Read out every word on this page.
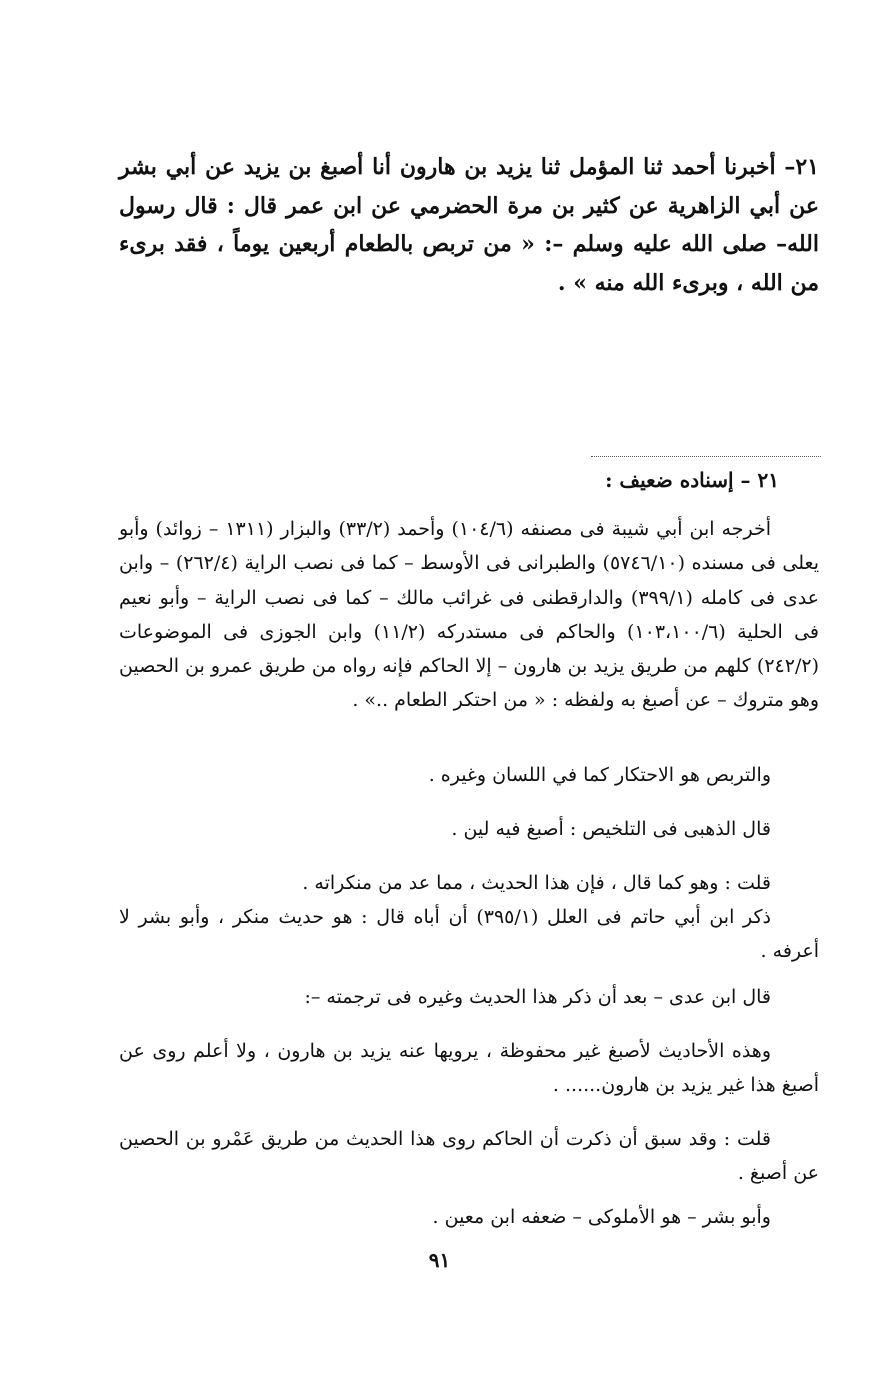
٢١– أخبرنا أحمد ثنا المؤمل ثنا يزيد بن هارون أنا أصبغ بن يزيد عن أبي بشر عن أبي الزاهرية عن كثير بن مرة الحضرمي عن ابن عمر قال : قال رسول الله– صلى الله عليه وسلم –: « من تربص بالطعام أربعين يوماً ، فقد برىء من الله ، وبرىء الله منه » .

٢١ – إسناده ضعيف :

أخرجه ابن أبي شيبة فى مصنفه (١٠٤/٦) وأحمد (٣٣/٢) والبزار (١٣١١ – زوائد) وأبو يعلى فى مسنده (٥٧٤٦/١٠) والطبرانى فى الأوسط – كما فى نصب الراية (٢٦٢/٤) – وابن عدى فى كامله (٣٩٩/١) والدارقطنى فى غرائب مالك – كما فى نصب الراية – وأبو نعيم فى الحلية (١٠٣،١٠٠/٦) والحاكم فى مستدركه (١١/٢) وابن الجوزى فى الموضوعات (٢٤٢/٢) كلهم من طريق يزيد بن هارون – إلا الحاكم فإنه رواه من طريق عمرو بن الحصين وهو متروك – عن أصبغ به ولفظه : « من احتكر الطعام ..» .

والتربص هو الاحتكار كما في اللسان وغيره .

قال الذهبى فى التلخيص : أصبغ فيه لين .

قلت : وهو كما قال ، فإن هذا الحديث ، مما عد من منكراته .

ذكر ابن أبي حاتم فى العلل (٣٩٥/١) أن أباه قال : هو حديث منكر ، وأبو بشر لا أعرفه .

قال ابن عدى – بعد أن ذكر هذا الحديث وغيره فى ترجمته –:

وهذه الأحاديث لأصبغ غير محفوظة ، يرويها عنه يزيد بن هارون ، ولا أعلم روى عن أصبغ هذا غير يزيد بن هارون...... .

قلت : وقد سبق أن ذكرت أن الحاكم روى هذا الحديث من طريق عَمْرو بن الحصين عن أصبغ .

وأبو بشر – هو الأملوكى – ضعفه ابن معين .

٩١
